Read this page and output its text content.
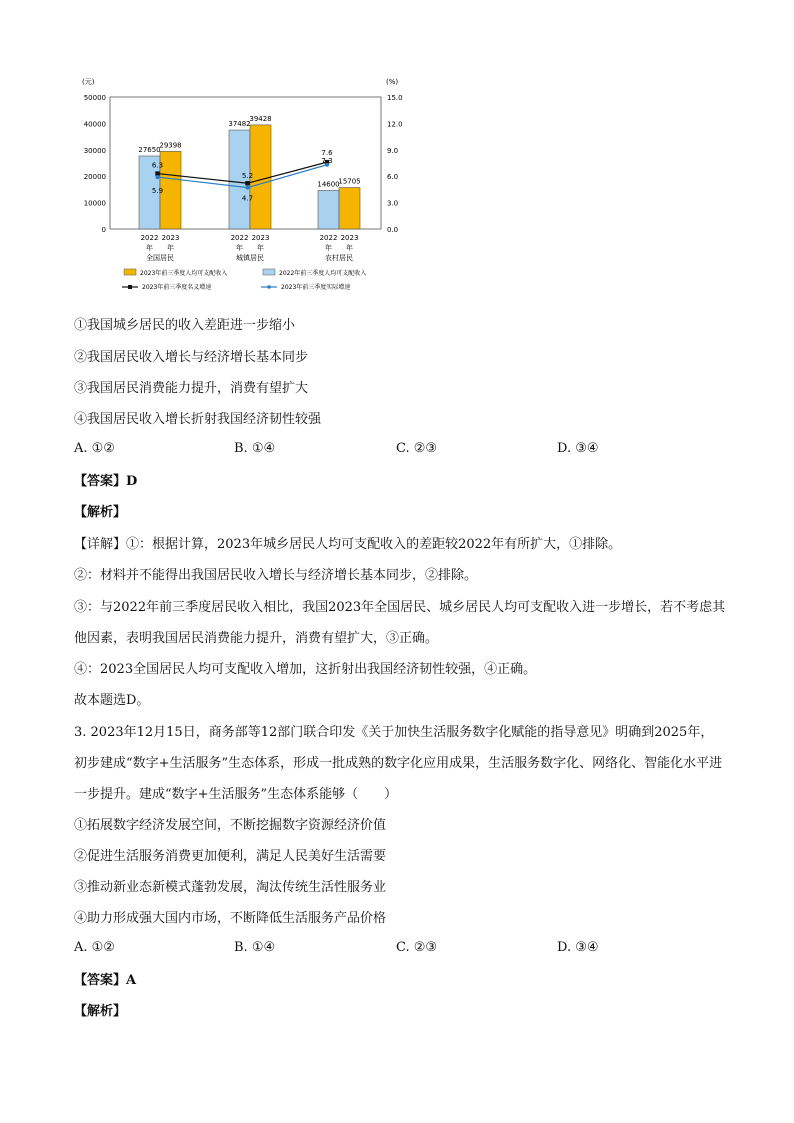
(元)	(%)
50000
40000
30000
20000
10000
0
15.0
12.0
9.0
6.0
3.0
0.0
27650
29398
2022 2023
年 年
全国居民
37482
39428
2022 2023
年 年
城镇居民
14600
15705
2022 2023
年 年
农村居民
6.3
5.2
7.6
5.9
4.7
7.3
2023年前三季度人均可支配收入	2022年前三季度人均可支配收入
2023年前三季度名义增速	2023年前三季度实际增速
①我国城乡居民的收入差距进一步缩小
②我国居民收入增长与经济增长基本同步
③我国居民消费能力提升，消费有望扩大
④我国居民收入增长折射我国经济韧性较强
A. ①②	B. ①④	C. ②③	D. ③④
【答案】D
【解析】
【详解】①：根据计算，2023年城乡居民人均可支配收入的差距较2022年有所扩大，①排除。
②：材料并不能得出我国居民收入增长与经济增长基本同步，②排除。
③：与2022年前三季度居民收入相比，我国2023年全国居民、城乡居民人均可支配收入进一步增长，若不考虑其他因素，表明我国居民消费能力提升，消费有望扩大，③正确。
④：2023全国居民人均可支配收入增加，这折射出我国经济韧性较强，④正确。
故本题选D。
3. 2023年12月15日，商务部等12部门联合印发《关于加快生活服务数字化赋能的指导意见》明确到2025年，初步建成“数字+生活服务”生态体系，形成一批成熟的数字化应用成果，生活服务数字化、网络化、智能化水平进一步提升。建成“数字+生活服务”生态体系能够（　　）
①拓展数字经济发展空间，不断挖掘数字资源经济价值
②促进生活服务消费更加便利，满足人民美好生活需要
③推动新业态新模式蓬勃发展，淘汰传统生活性服务业
④助力形成强大国内市场，不断降低生活服务产品价格
A. ①②	B. ①④	C. ②③	D. ③④
【答案】A
【解析】
